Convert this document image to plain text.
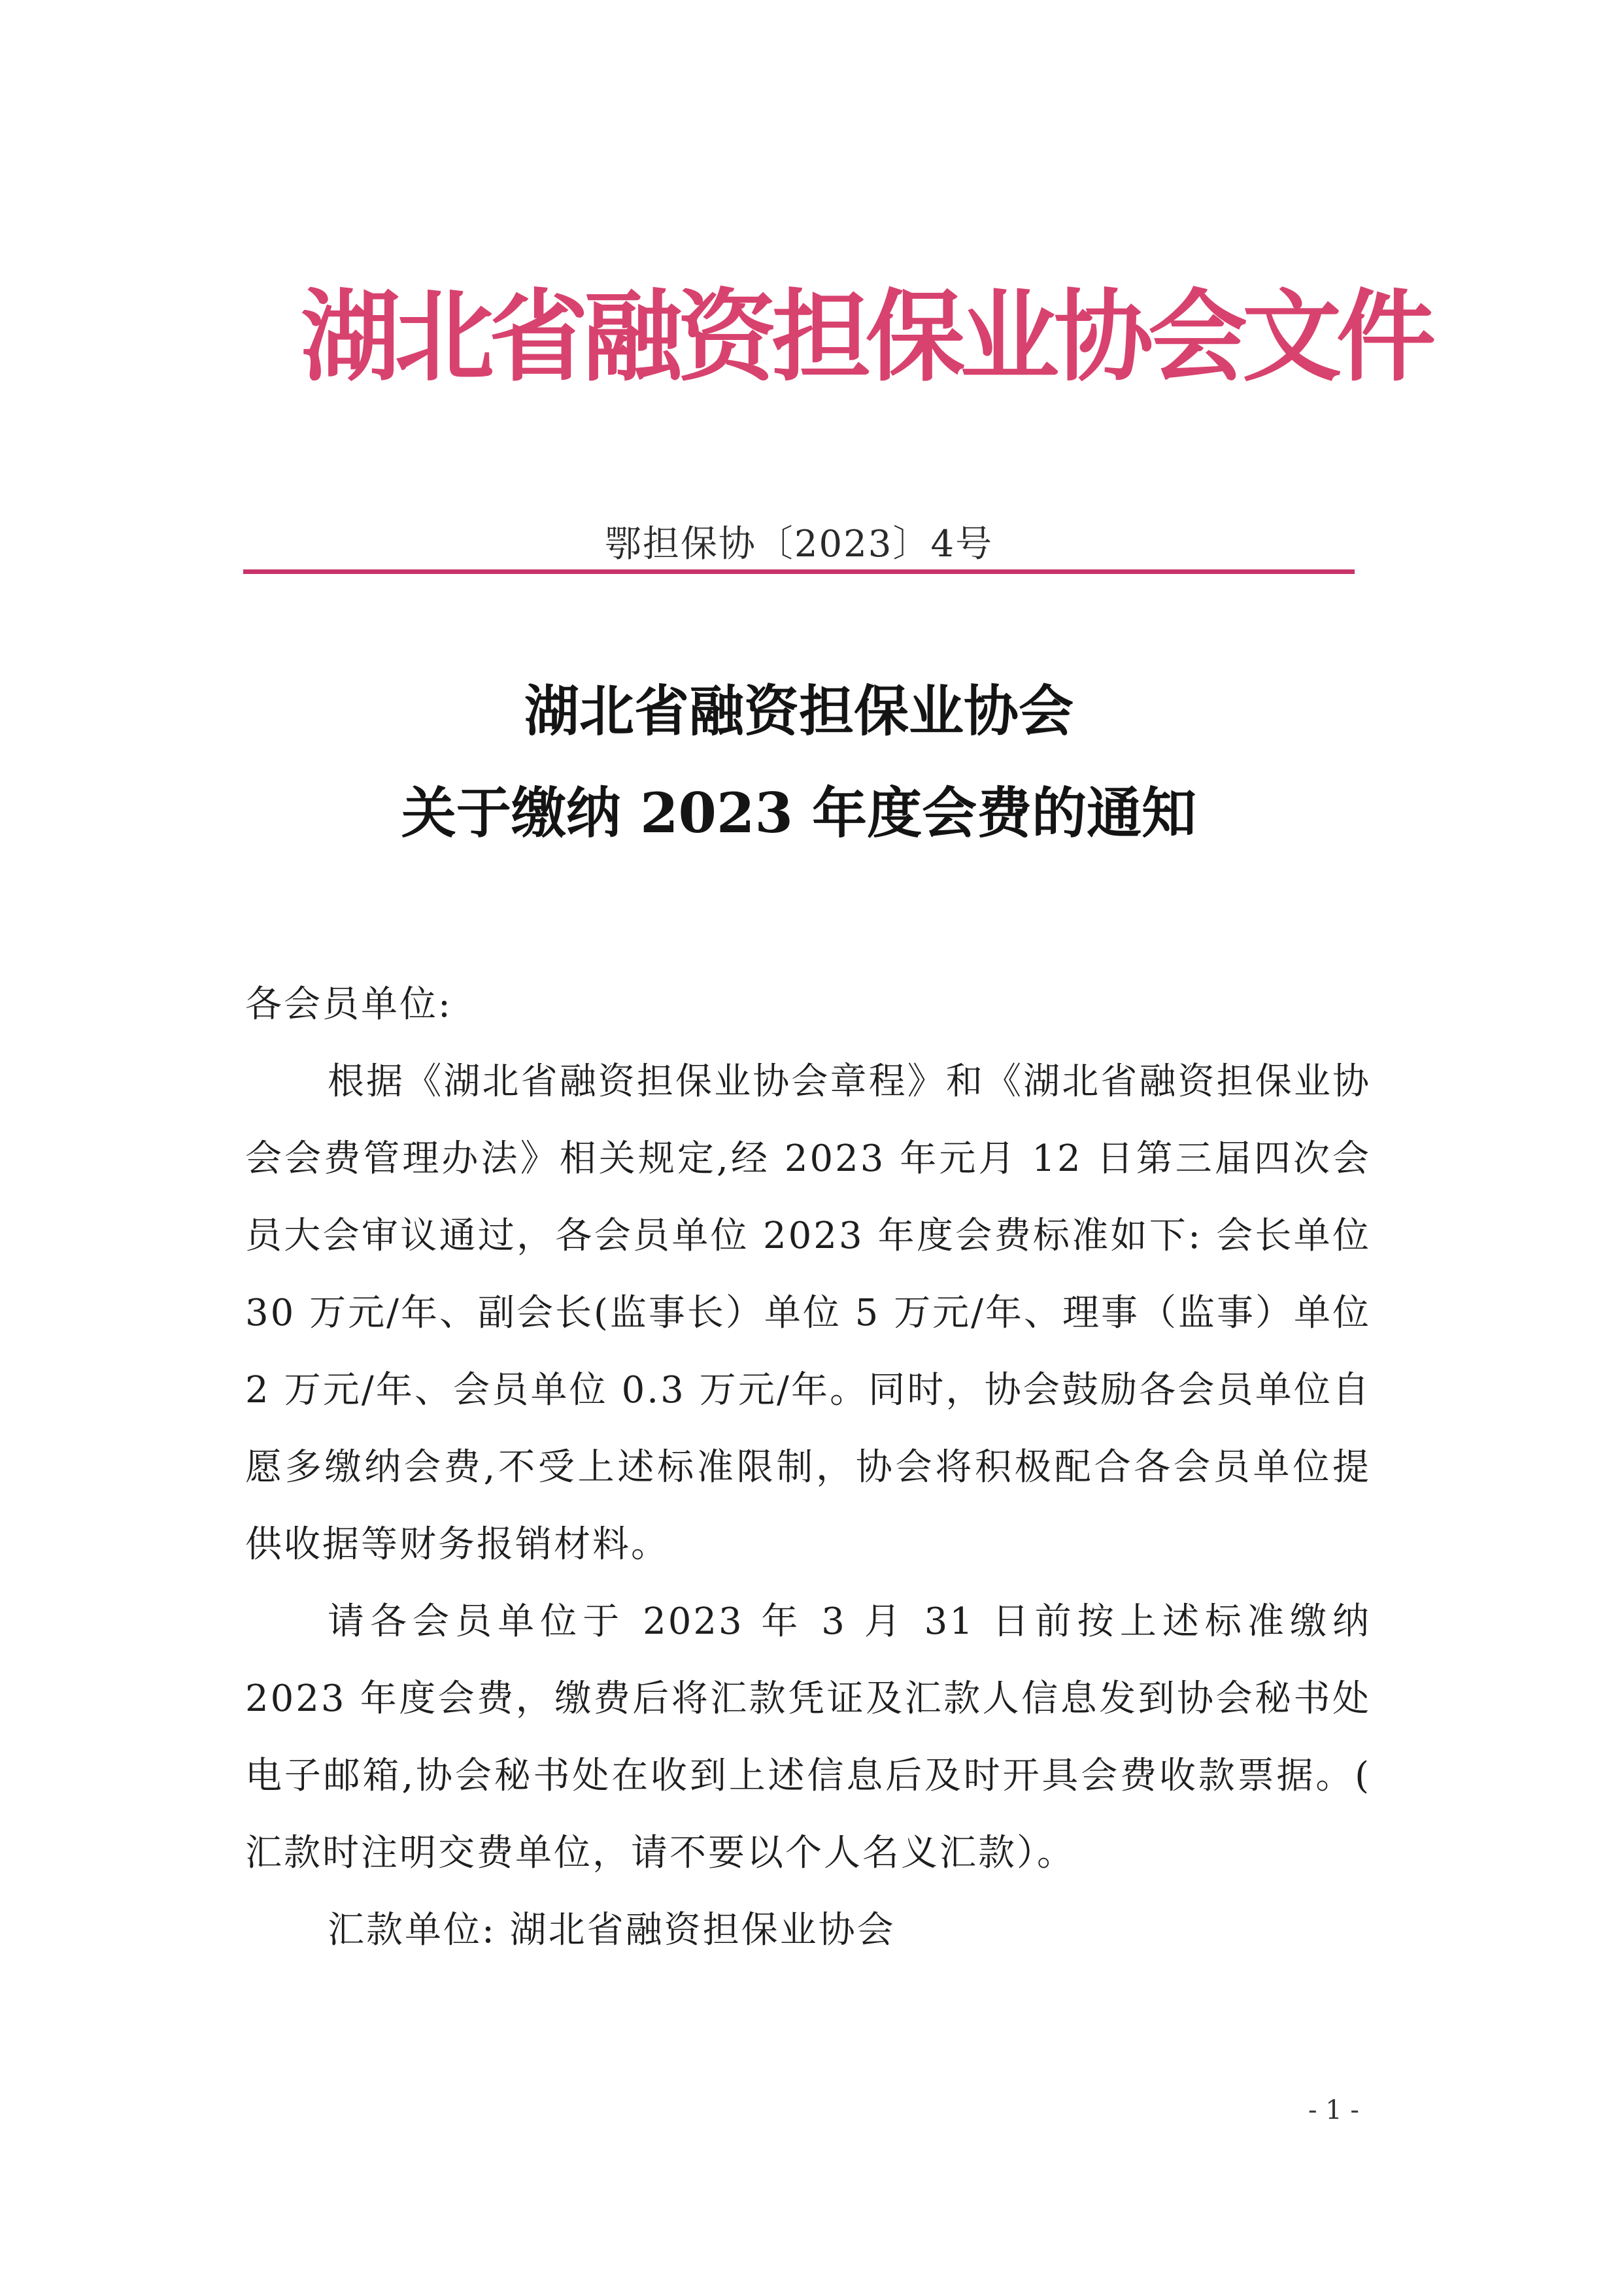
湖北省融资担保业协会文件
鄂担保协〔2023〕4号
湖北省融资担保业协会
关于缴纳 2023 年度会费的通知

各会员单位:

根据《湖北省融资担保业协会章程》和《湖北省融资担保业协会会费管理办法》相关规定,经 2023 年元月 12 日第三届四次会员大会审议通过，各会员单位 2023 年度会费标准如下: 会长单位 30 万元/年、副会长(监事长）单位 5 万元/年、理事（监事）单位 2 万元/年、会员单位 0.3 万元/年。同时，协会鼓励各会员单位自愿多缴纳会费,不受上述标准限制，协会将积极配合各会员单位提供收据等财务报销材料。

请各会员单位于 2023 年 3 月 31 日前按上述标准缴纳 2023 年度会费，缴费后将汇款凭证及汇款人信息发到协会秘书处电子邮箱,协会秘书处在收到上述信息后及时开具会费收款票据。( 汇款时注明交费单位，请不要以个人名义汇款）。

汇款单位: 湖北省融资担保业协会

- 1 -
